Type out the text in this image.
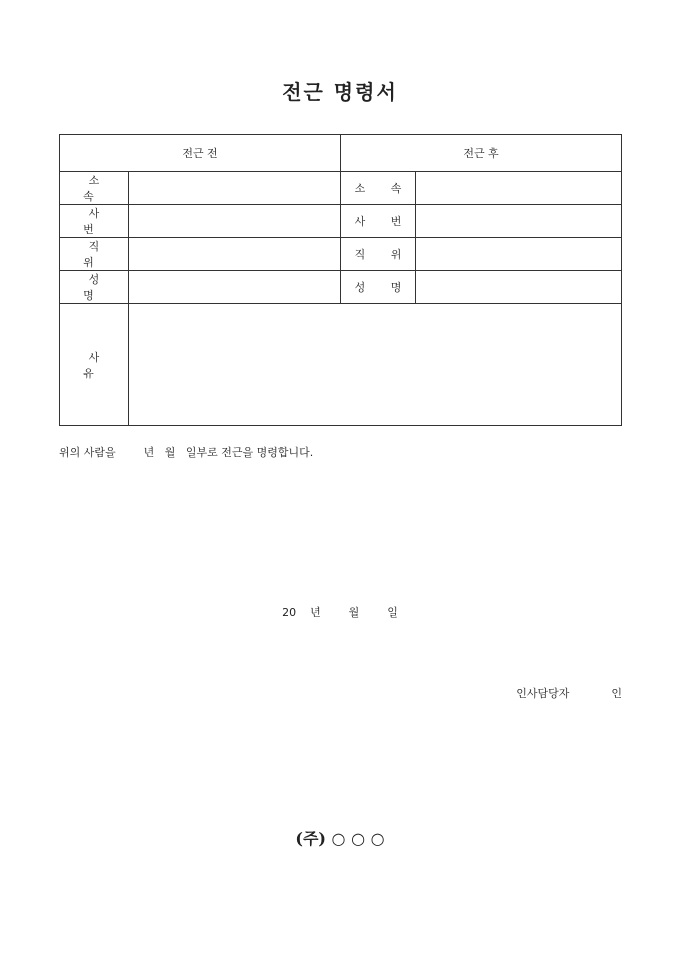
전근 명령서
전근 전		전근 후	
소 속		소 속	
사 번		사 번	
직 위		직 위	
성 명		성 명	
사 유			
위의 사람을        년   월   일부로 전근을 명령합니다.
20    년        월        일
인사담당자            인
(주) ○ ○ ○
